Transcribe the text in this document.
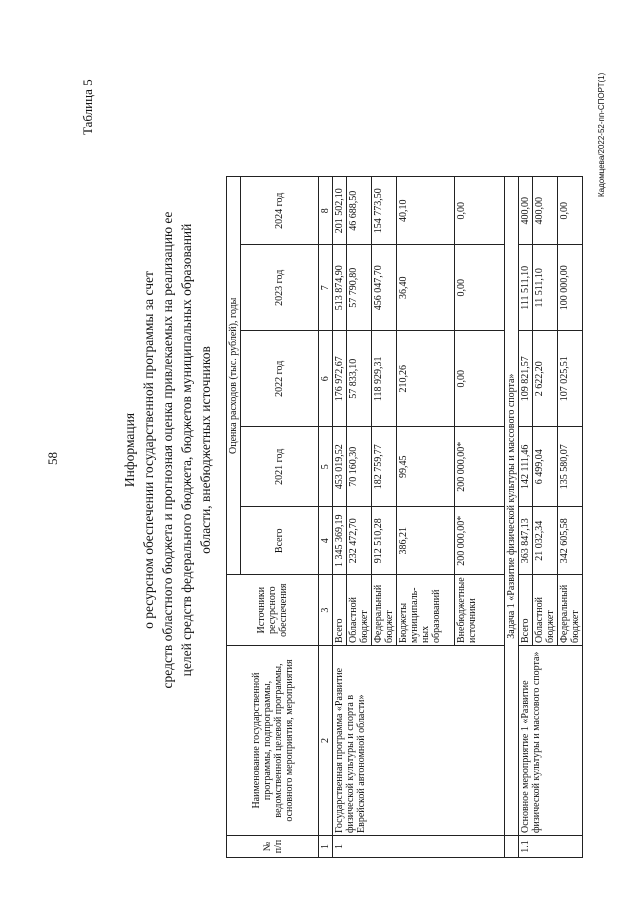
58
Таблица 5
Информация о ресурсном обеспечении государственной программы за счет средств областного бюджета и прогнозная оценка привлекаемых на реализацию ее целей средств федерального бюджета, бюджетов муниципальных образований области, внебюджетных источников
№ п/п	Наименование государственной программы, подпрограммы, ведомственной целевой программы, основного мероприятия, мероприятия	Источники ресурсного обеспечения	Оценка расходов (тыс. рублей), годы				
			Всего	2021 год	2022 год	2023 год	2024 год
1	2	3	4	5	6	7	8
1	Государственная программа «Развитие физической культуры и спорта в Еврейской автономной области»	Всего	1 345 369,19	453 019,52	176 972,67	513 874,90	201 502,10
		Областной бюджет	232 472,70	70 160,30	57 833,10	57 790,80	46 688,50
		Федеральный бюджет	912 510,28	182 759,77	118 929,31	456 047,70	154 773,50
		Бюджеты муниципаль-ных образований	386,21	99,45	210,26	36,40	40,10
		Внебюджетные источники	200 000,00*	200 000,00*	0,00	0,00	0,00
	Задача 1 «Развитие физической культуры и массового спорта»						
1.1	Основное мероприятие 1 «Развитие физической культуры и массового спорта»	Всего	363 847,13	142 111,46	109 821,57	111 511,10	400,00
		Областной бюджет	21 032,34	6 499,04	2 622,20	11 511,10	400,00
		Федеральный бюджет	342 605,58	135 580,07	107 025,51	100 000,00	0,00
Кадомцева/2022-52-пп-СПОРТ(1)
